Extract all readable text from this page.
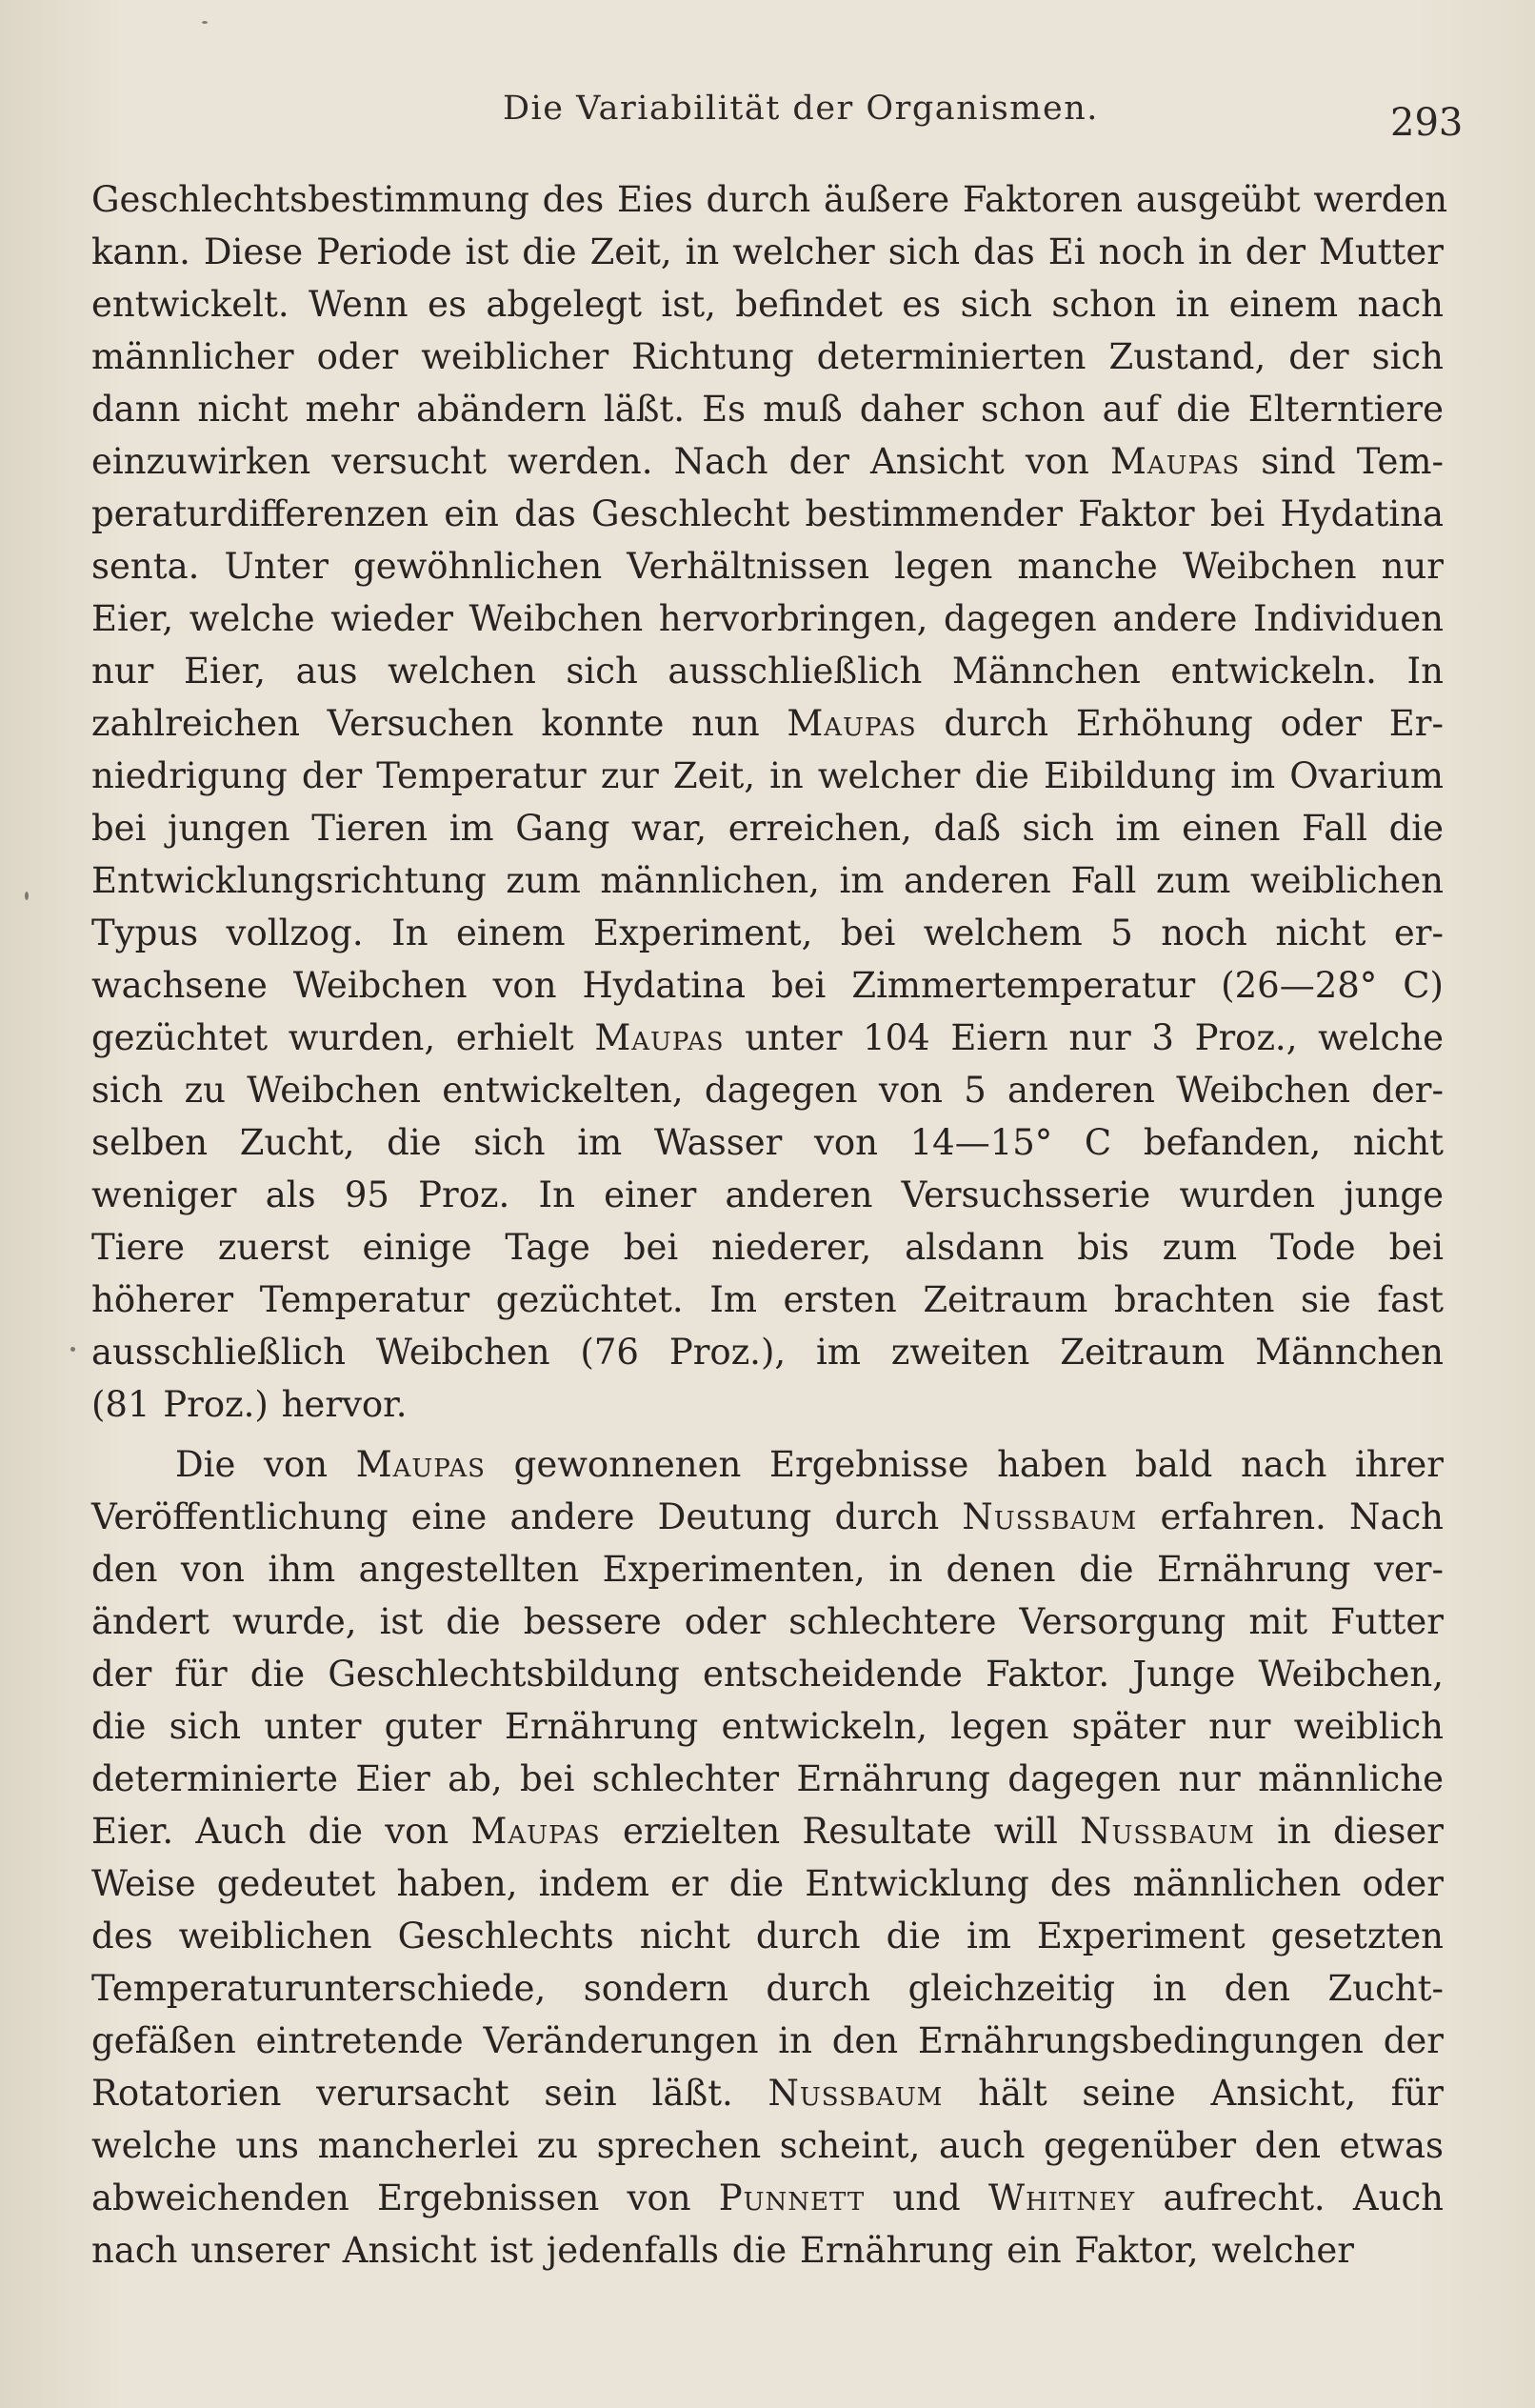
Die Variabilität der Organismen.	293
Geschlechtsbestimmung des Eies durch äußere Faktoren ausgeübt werden
kann. Diese Periode ist die Zeit, in welcher sich das Ei noch in der Mutter
entwickelt. Wenn es abgelegt ist, befindet es sich schon in einem nach
männlicher oder weiblicher Richtung determinierten Zustand, der sich
dann nicht mehr abändern läßt. Es muß daher schon auf die Elterntiere
einzuwirken versucht werden. Nach der Ansicht von Maupas sind Tem-
peraturdifferenzen ein das Geschlecht bestimmender Faktor bei Hydatina
senta. Unter gewöhnlichen Verhältnissen legen manche Weibchen nur
Eier, welche wieder Weibchen hervorbringen, dagegen andere Individuen
nur Eier, aus welchen sich ausschließlich Männchen entwickeln. In
zahlreichen Versuchen konnte nun Maupas durch Erhöhung oder Er-
niedrigung der Temperatur zur Zeit, in welcher die Eibildung im Ovarium
bei jungen Tieren im Gang war, erreichen, daß sich im einen Fall die
Entwicklungsrichtung zum männlichen, im anderen Fall zum weiblichen
Typus vollzog. In einem Experiment, bei welchem 5 noch nicht er-
wachsene Weibchen von Hydatina bei Zimmertemperatur (26—28° C)
gezüchtet wurden, erhielt Maupas unter 104 Eiern nur 3 Proz., welche
sich zu Weibchen entwickelten, dagegen von 5 anderen Weibchen der-
selben Zucht, die sich im Wasser von 14—15° C befanden, nicht
weniger als 95 Proz. In einer anderen Versuchsserie wurden junge
Tiere zuerst einige Tage bei niederer, alsdann bis zum Tode bei
höherer Temperatur gezüchtet. Im ersten Zeitraum brachten sie fast
ausschließlich Weibchen (76 Proz.), im zweiten Zeitraum Männchen
(81 Proz.) hervor.
Die von Maupas gewonnenen Ergebnisse haben bald nach ihrer
Veröffentlichung eine andere Deutung durch Nussbaum erfahren. Nach
den von ihm angestellten Experimenten, in denen die Ernährung ver-
ändert wurde, ist die bessere oder schlechtere Versorgung mit Futter
der für die Geschlechtsbildung entscheidende Faktor. Junge Weibchen,
die sich unter guter Ernährung entwickeln, legen später nur weiblich
determinierte Eier ab, bei schlechter Ernährung dagegen nur männliche
Eier. Auch die von Maupas erzielten Resultate will Nussbaum in dieser
Weise gedeutet haben, indem er die Entwicklung des männlichen oder
des weiblichen Geschlechts nicht durch die im Experiment gesetzten
Temperaturunterschiede, sondern durch gleichzeitig in den Zucht-
gefäßen eintretende Veränderungen in den Ernährungsbedingungen der
Rotatorien verursacht sein läßt. Nussbaum hält seine Ansicht, für
welche uns mancherlei zu sprechen scheint, auch gegenüber den etwas
abweichenden Ergebnissen von Punnett und Whitney aufrecht. Auch
nach unserer Ansicht ist jedenfalls die Ernährung ein Faktor, welcher
